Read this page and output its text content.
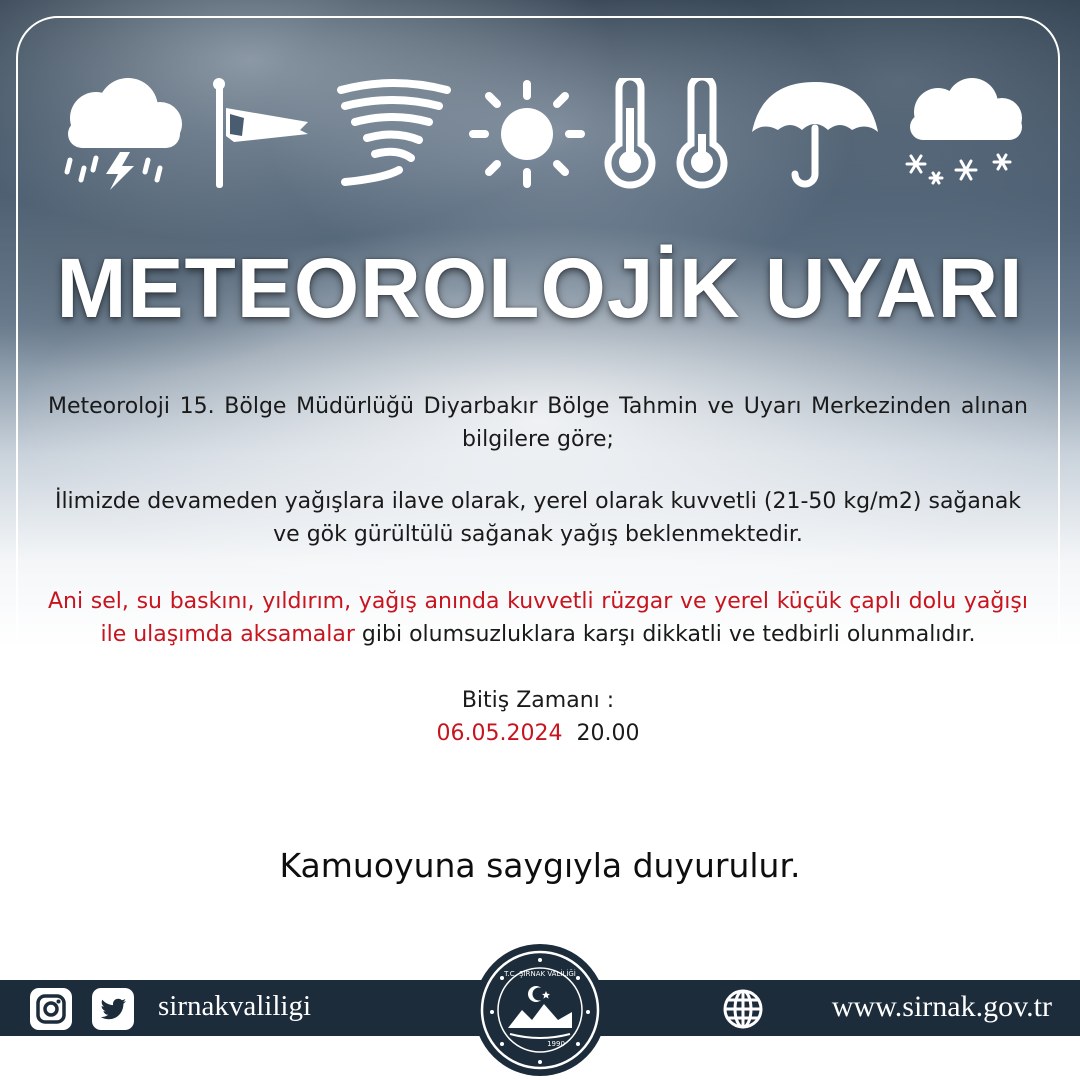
METEOROLOJİK UYARI

Meteoroloji 15. Bölge Müdürlüğü Diyarbakır Bölge Tahmin ve Uyarı Merkezinden alınan bilgilere göre;

İlimizde devameden yağışlara ilave olarak, yerel olarak kuvvetli (21-50 kg/m2) sağanak ve gök gürültülü sağanak yağış beklenmektedir.

Ani sel, su baskını, yıldırım, yağış anında kuvvetli rüzgar ve yerel küçük çaplı dolu yağışı ile ulaşımda aksamalar gibi olumsuzluklara karşı dikkatli ve tedbirli olunmalıdır.

Bitiş Zamanı :

06.05.2024 20.00

Kamuoyuna saygıyla duyurulur.
sirnakvaliligi	www.sirnak.gov.tr
T.C. ŞIRNAK VALİLİĞİ
1990
